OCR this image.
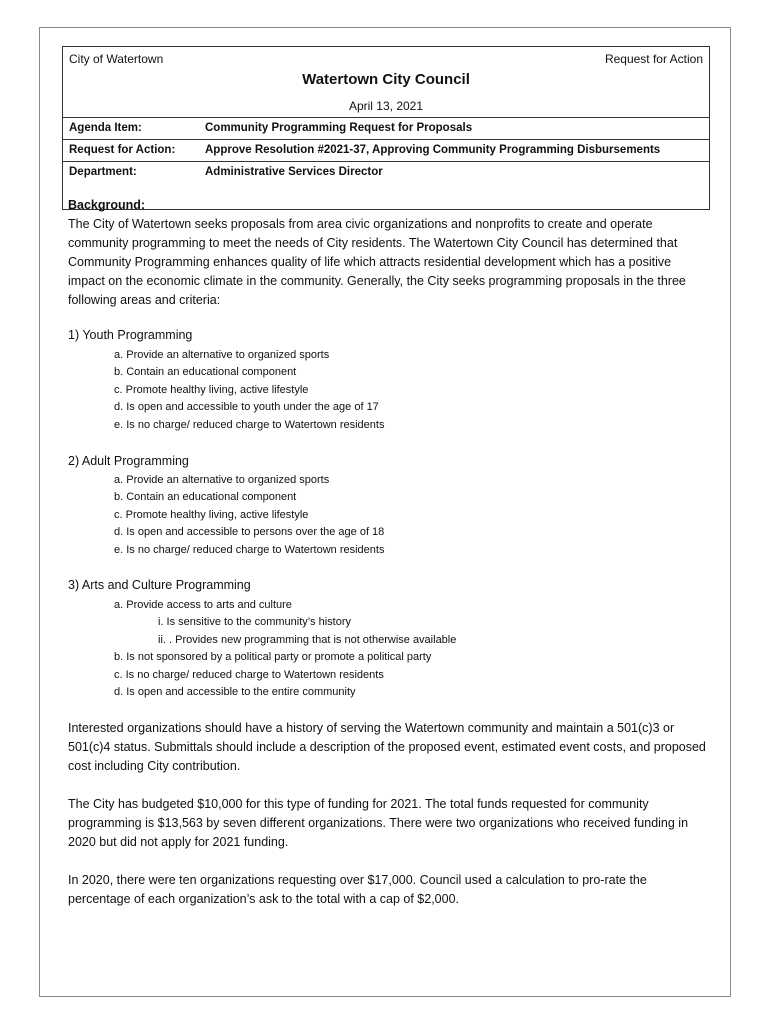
City of Watertown	Request for Action
Watertown City Council
April 13, 2021
Agenda Item:	Community Programming Request for Proposals
Request for Action:	Approve Resolution #2021-37, Approving Community Programming Disbursements
Department:	Administrative Services Director
Background:
The City of Watertown seeks proposals from area civic organizations and nonprofits to create and operate community programming to meet the needs of City residents. The Watertown City Council has determined that Community Programming enhances quality of life which attracts residential development which has a positive impact on the economic climate in the community. Generally, the City seeks programming proposals in the three following areas and criteria:
1) Youth Programming
a. Provide an alternative to organized sports
b. Contain an educational component
c. Promote healthy living, active lifestyle
d. Is open and accessible to youth under the age of 17
e. Is no charge/ reduced charge to Watertown residents
2) Adult Programming
a. Provide an alternative to organized sports
b. Contain an educational component
c. Promote healthy living, active lifestyle
d. Is open and accessible to persons over the age of 18
e. Is no charge/ reduced charge to Watertown residents
3) Arts and Culture Programming
a. Provide access to arts and culture
i. Is sensitive to the community’s history
ii. . Provides new programming that is not otherwise available
b. Is not sponsored by a political party or promote a political party
c. Is no charge/ reduced charge to Watertown residents
d. Is open and accessible to the entire community
Interested organizations should have a history of serving the Watertown community and maintain a 501(c)3 or 501(c)4 status. Submittals should include a description of the proposed event, estimated event costs, and proposed cost including City contribution.
The City has budgeted $10,000 for this type of funding for 2021. The total funds requested for community programming is $13,563 by seven different organizations. There were two organizations who received funding in 2020 but did not apply for 2021 funding.
In 2020, there were ten organizations requesting over $17,000. Council used a calculation to pro-rate the percentage of each organization’s ask to the total with a cap of $2,000.
